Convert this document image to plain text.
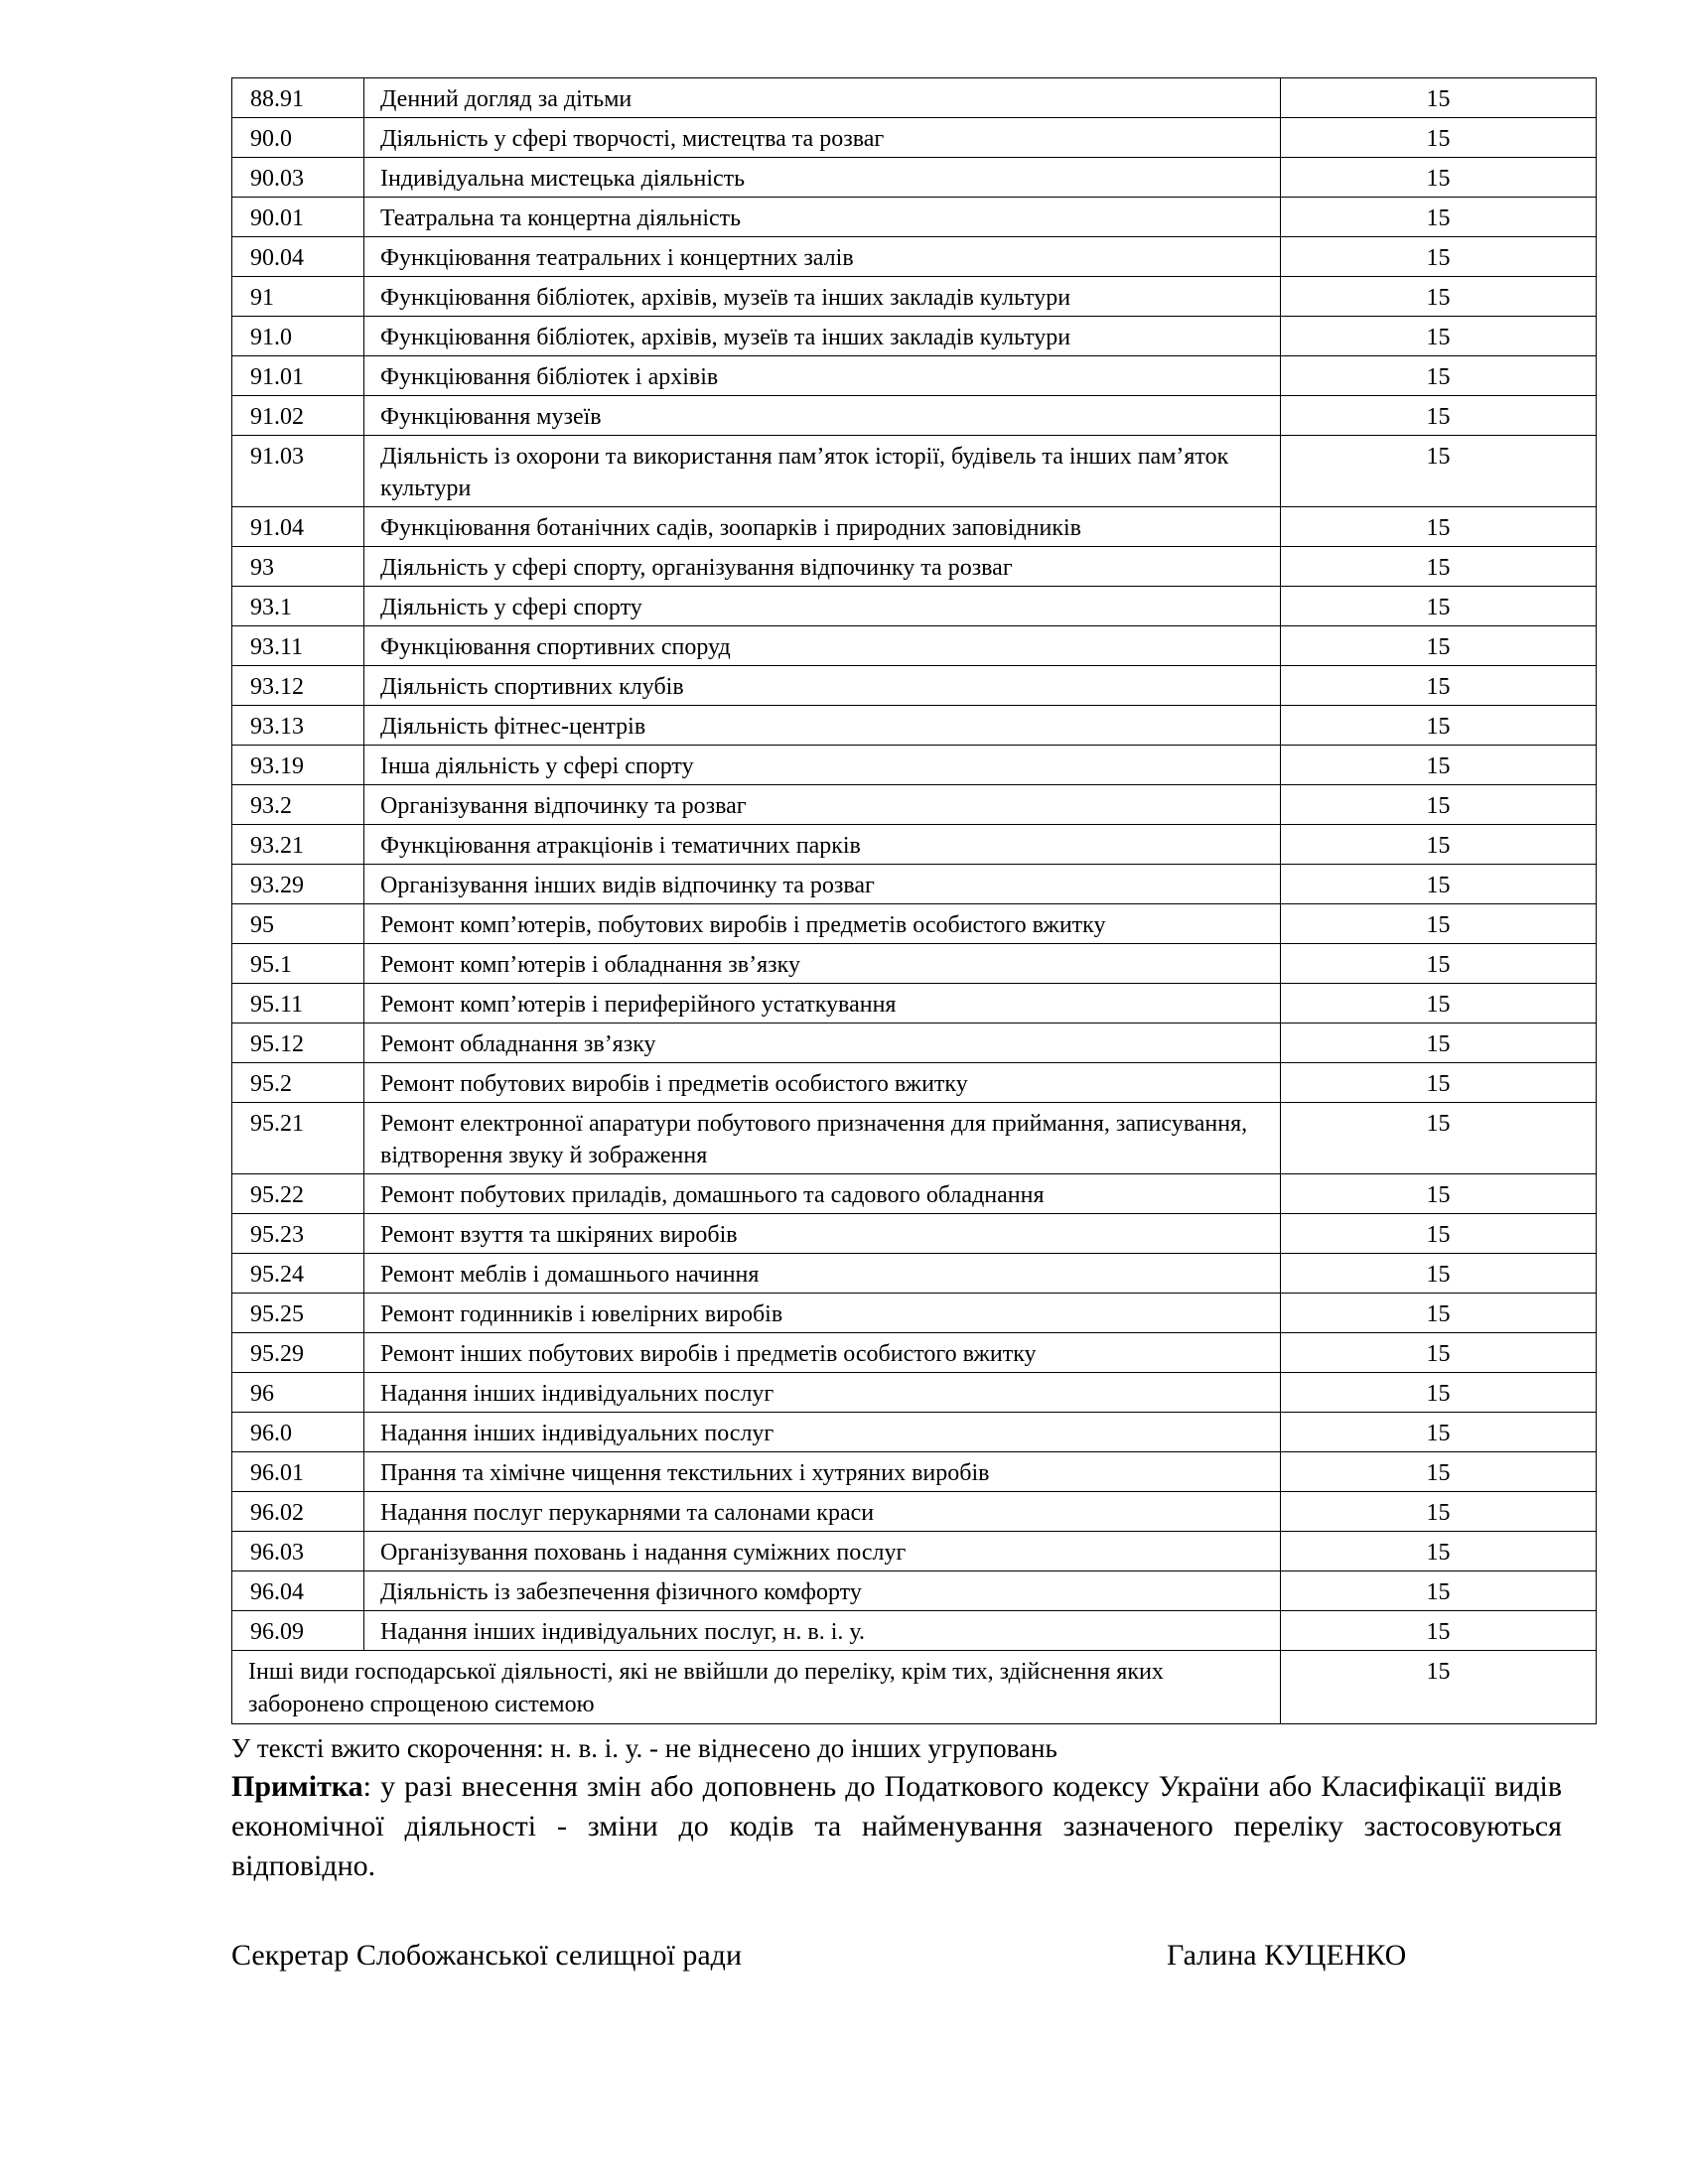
88.91	Денний догляд за дітьми	15
90.0	Діяльність у сфері творчості, мистецтва та розваг	15
90.03	Індивідуальна мистецька діяльність	15
90.01	Театральна та концертна діяльність	15
90.04	Функціювання театральних і концертних залів	15
91	Функціювання бібліотек, архівів, музеїв та інших закладів культури	15
91.0	Функціювання бібліотек, архівів, музеїв та інших закладів культури	15
91.01	Функціювання бібліотек і архівів	15
91.02	Функціювання музеїв	15
91.03	Діяльність із охорони та використання пам’яток історії, будівель та інших пам’яток культури	15
91.04	Функціювання ботанічних садів, зоопарків і природних заповідників	15
93	Діяльність у сфері спорту, організування відпочинку та розваг	15
93.1	Діяльність у сфері спорту	15
93.11	Функціювання спортивних споруд	15
93.12	Діяльність спортивних клубів	15
93.13	Діяльність фітнес-центрів	15
93.19	Інша діяльність у сфері спорту	15
93.2	Організування відпочинку та розваг	15
93.21	Функціювання атракціонів і тематичних парків	15
93.29	Організування інших видів відпочинку та розваг	15
95	Ремонт комп’ютерів, побутових виробів і предметів особистого вжитку	15
95.1	Ремонт комп’ютерів і обладнання зв’язку	15
95.11	Ремонт комп’ютерів і периферійного устаткування	15
95.12	Ремонт обладнання зв’язку	15
95.2	Ремонт побутових виробів і предметів особистого вжитку	15
95.21	Ремонт електронної апаратури побутового призначення для приймання, записування, відтворення звуку й зображення	15
95.22	Ремонт побутових приладів, домашнього та садового обладнання	15
95.23	Ремонт взуття та шкіряних виробів	15
95.24	Ремонт меблів і домашнього начиння	15
95.25	Ремонт годинників і ювелірних виробів	15
95.29	Ремонт інших побутових виробів і предметів особистого вжитку	15
96	Надання інших індивідуальних послуг	15
96.0	Надання інших індивідуальних послуг	15
96.01	Прання та хімічне чищення текстильних і хутряних виробів	15
96.02	Надання послуг перукарнями та салонами краси	15
96.03	Організування поховань і надання суміжних послуг	15
96.04	Діяльність із забезпечення фізичного комфорту	15
96.09	Надання інших індивідуальних послуг, н. в. і. у.	15
Інші види господарської діяльності, які не ввійшли до переліку, крім тих, здійснення яких заборонено спрощеною системою		15
У тексті вжито скорочення: н. в. і. у. - не віднесено до інших угруповань
Примітка: у разі внесення змін або доповнень до Податкового кодексу України або Класифікації видів економічної діяльності - зміни до кодів та найменування зазначеного переліку застосовуються відповідно.
Секретар Слобожанської селищної ради	Галина КУЦЕНКО
